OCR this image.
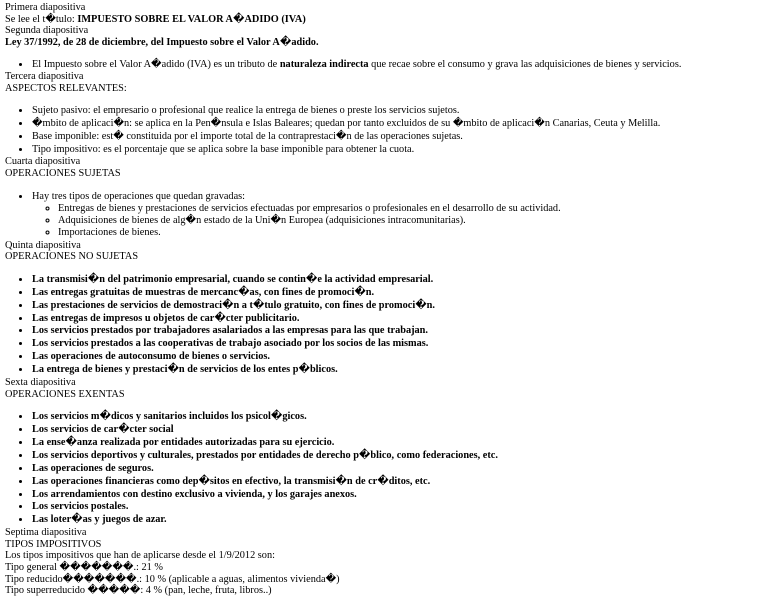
Primera diapositiva
Se lee el t�tulo: IMPUESTO SOBRE EL VALOR A�ADIDO (IVA)
Segunda diapositiva
Ley 37/1992, de 28 de diciembre, del Impuesto sobre el Valor A�adido.
• El Impuesto sobre el Valor A�adido (IVA) es un tributo de naturaleza indirecta que recae sobre el consumo y grava las adquisiciones de bienes y servicios.
Tercera diapositiva
ASPECTOS RELEVANTES:
• Sujeto pasivo: el empresario o profesional que realice la entrega de bienes o preste los servicios sujetos.
• �mbito de aplicaci�n: se aplica en la Pen�nsula e Islas Baleares; quedan por tanto excluidos de su �mbito de aplicaci�n Canarias, Ceuta y Melilla.
• Base imponible: est� constituida por el importe total de la contraprestaci�n de las operaciones sujetas.
• Tipo impositivo: es el porcentaje que se aplica sobre la base imponible para obtener la cuota.
Cuarta diapositiva
OPERACIONES SUJETAS
• Hay tres tipos de operaciones que quedan gravadas:
◦ Entregas de bienes y prestaciones de servicios efectuadas por empresarios o profesionales en el desarrollo de su actividad.
◦ Adquisiciones de bienes de alg�n estado de la Uni�n Europea (adquisiciones intracomunitarias).
◦ Importaciones de bienes.
Quinta diapositiva
OPERACIONES NO SUJETAS
• La transmisi�n del patrimonio empresarial, cuando se contin�e la actividad empresarial.
• Las entregas gratuitas de muestras de mercanc�as, con fines de promoci�n.
• Las prestaciones de servicios de demostraci�n a t�tulo gratuito, con fines de promoci�n.
• Las entregas de impresos u objetos de car�cter publicitario.
• Los servicios prestados por trabajadores asalariados a las empresas para las que trabajan.
• Los servicios prestados a las cooperativas de trabajo asociado por los socios de las mismas.
• Las operaciones de autoconsumo de bienes o servicios.
• La entrega de bienes y prestaci�n de servicios de los entes p�blicos.
Sexta diapositiva
OPERACIONES EXENTAS
• Los servicios m�dicos y sanitarios incluidos los psicol�gicos.
• Los servicios de car�cter social
• La ense�anza realizada por entidades autorizadas para su ejercicio.
• Los servicios deportivos y culturales, prestados por entidades de derecho p�blico, como federaciones, etc.
• Las operaciones de seguros.
• Las operaciones financieras como dep�sitos en efectivo, la transmisi�n de cr�ditos, etc.
• Los arrendamientos con destino exclusivo a vivienda, y los garajes anexos.
• Los servicios postales.
• Las loter�as y juegos de azar.
Septima diapositiva
TIPOS IMPOSITIVOS
Los tipos impositivos que han de aplicarse desde el 1/9/2012 son:
Tipo general �������.: 21 %
Tipo reducido�������.: 10 % (aplicable a aguas, alimentos vivienda�)
Tipo superreducido �����: 4 % (pan, leche, fruta, libros..)
